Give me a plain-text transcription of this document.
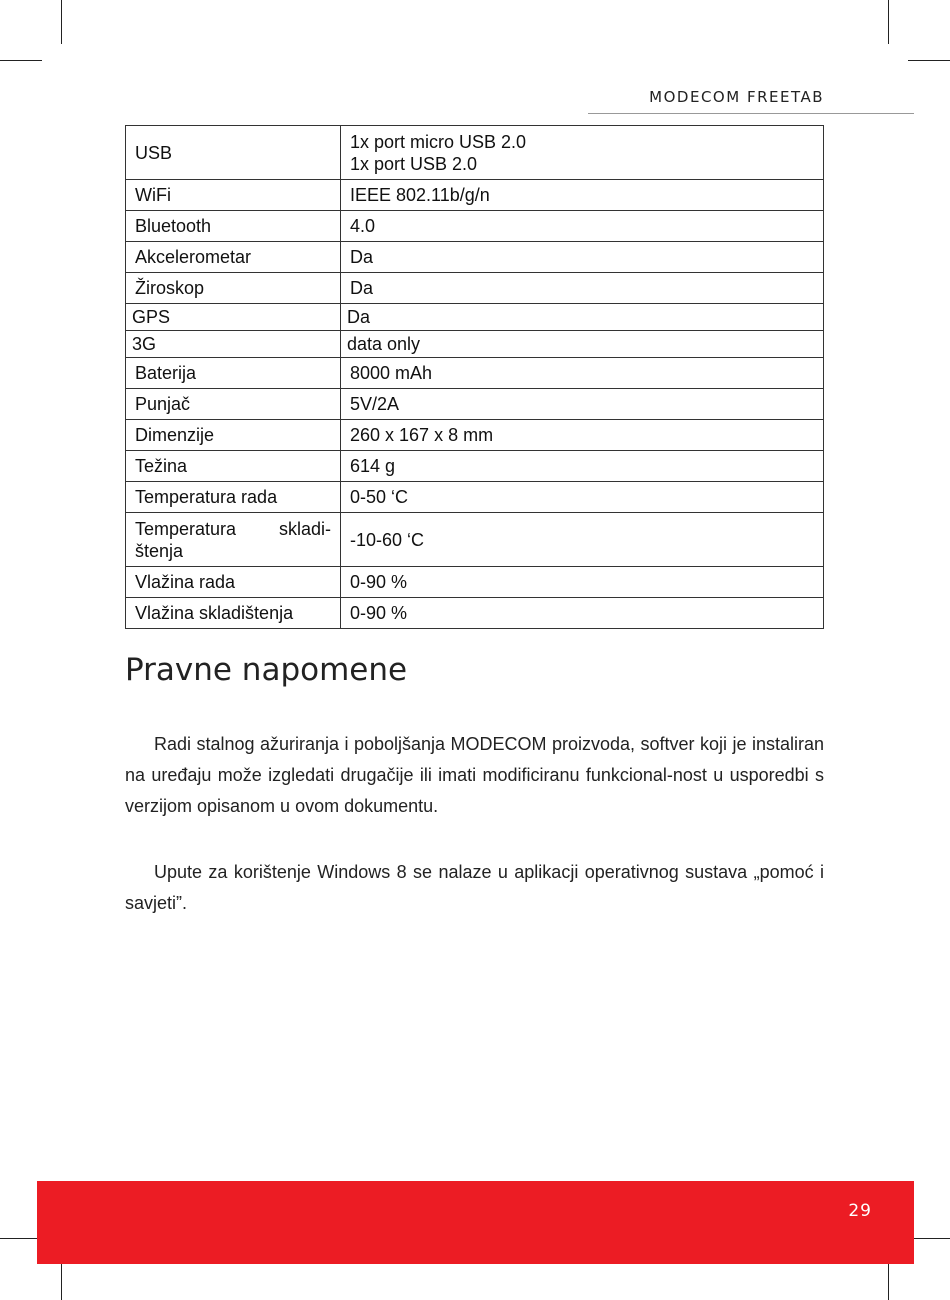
MODECOM FREETAB
USB	1x port micro USB 2.0
1x port USB 2.0

WiFi	IEEE 802.11b/g/n
Bluetooth	4.0
Akcelerometar	Da
Žiroskop	Da
GPS	Da
3G	data only
Baterija	8000 mAh
Punjač	5V/2A
Dimenzije	260 x 167 x 8 mm
Težina	614 g
Temperatura rada	0-50 ‘C

Temperatura skladi-
štenja	-10-60 ‘C
Vlažina rada	0-90 %
Vlažina skladištenja	0-90 %
Pravne napomene

Radi stalnog ažuriranja i poboljšanja MODECOM proizvoda, softver koji je instaliran na uređaju može izgledati drugačije ili imati modificiranu funkcional-nost u usporedbi s verzijom opisanom u ovom dokumentu.

Upute za korištenje Windows 8 se nalaze u aplikacji operativnog sustava „pomoć i savjeti”.

29
